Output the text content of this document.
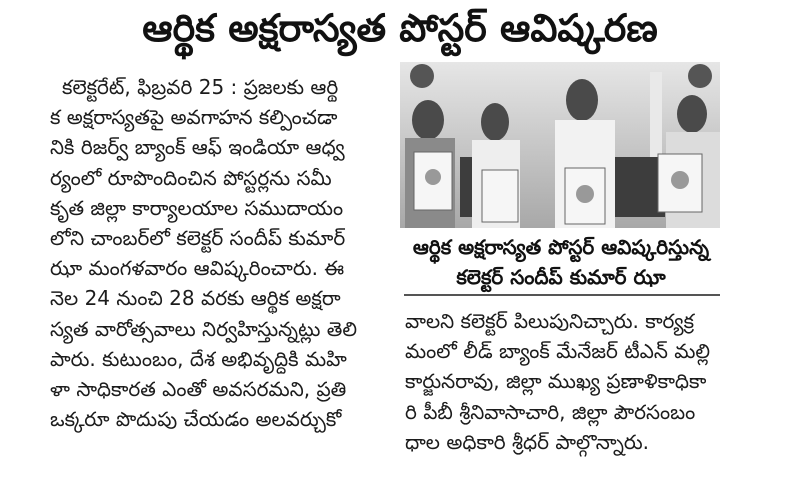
ఆర్థిక అక్షరాస్యత పోస్టర్ ఆవిష్కరణ
కలెక్టరేట్, ఫిబ్రవరి 25 : ప్రజలకు ఆర్థి
క అక్షరాస్యతపై అవగాహన కల్పించడా
నికి రిజర్వ్ బ్యాంక్ ఆఫ్ ఇండియా ఆధ్వ
ర్యంలో రూపొందించిన పోస్టర్లను సమీ
కృత జిల్లా కార్యాలయాల సముదాయం
లోని చాంబర్‌లో కలెక్టర్ సందీప్ కుమార్
ఝా మంగళవారం ఆవిష్కరించారు. ఈ
నెల 24 నుంచి 28 వరకు ఆర్థిక అక్షరా
స్యత వారోత్సవాలు నిర్వహిస్తున్నట్లు తెలి
పారు. కుటుంబం, దేశ అభివృద్ధికి మహి
ళా సాధికారత ఎంతో అవసరమని, ప్రతి
ఒక్కరూ పొదుపు చేయడం అలవర్చుకో
ఆర్థిక అక్షరాస్యత పోస్టర్ ఆవిష్కరిస్తున్న
కలెక్టర్ సందీప్ కుమార్ ఝా
వాలని కలెక్టర్ పిలుపునిచ్చారు. కార్యక్ర
మంలో లీడ్ బ్యాంక్ మేనేజర్ టీఎన్ మల్లి
కార్జునరావు, జిల్లా ముఖ్య ప్రణాళికాధికా
రి పీబీ శ్రీనివాసాచారి, జిల్లా పౌరసంబం
ధాల అధికారి శ్రీధర్ పాల్గొన్నారు.
